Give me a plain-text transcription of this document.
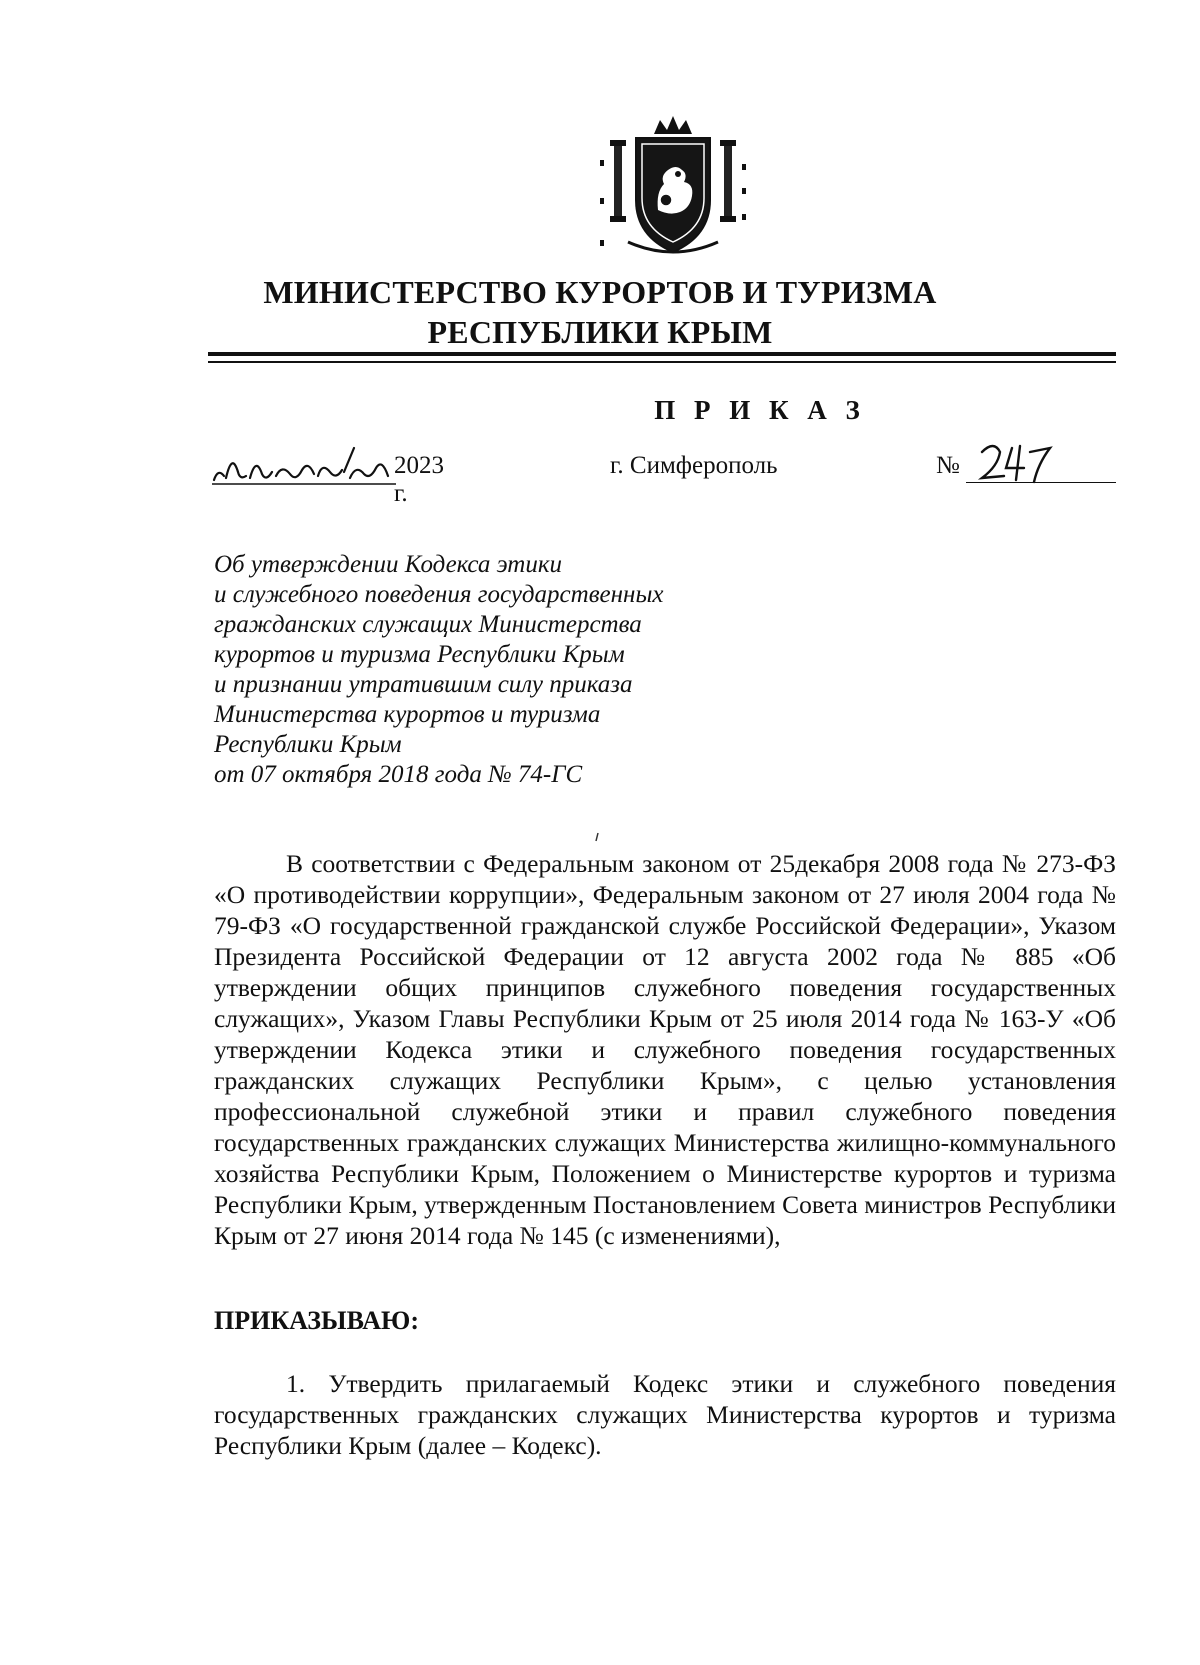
МИНИСТЕРСТВО КУРОРТОВ И ТУРИЗМА
РЕСПУБЛИКИ КРЫМ
П Р И К А З
2023 г.
г. Симферополь	№
Об утверждении Кодекса этики
и служебного поведения государственных
гражданских служащих Министерства
курортов и туризма Республики Крым
и признании утратившим силу приказа
Министерства курортов и туризма
Республики Крым
от 07 октября 2018 года № 74-ГС

В соответствии с Федеральным законом от 25декабря 2008 года № 273-ФЗ «О противодействии коррупции», Федеральным законом от 27 июля 2004 года № 79-ФЗ «О государственной гражданской службе Российской Федерации», Указом Президента Российской Федерации от 12 августа 2002 года № 885 «Об утверждении общих принципов служебного поведения государственных служащих», Указом Главы Республики Крым от 25 июля 2014 года № 163-У «Об утверждении Кодекса этики и служебного поведения государственных гражданских служащих Республики Крым», с целью установления профессиональной служебной этики и правил служебного поведения государственных гражданских служащих Министерства жилищно-коммунального хозяйства Республики Крым, Положением о Министерстве курортов и туризма Республики Крым, утвержденным Постановлением Совета министров Республики Крым от 27 июня 2014 года № 145 (с изменениями),

ПРИКАЗЫВАЮ:

1. Утвердить прилагаемый Кодекс этики и служебного поведения государственных гражданских служащих Министерства курортов и туризма Республики Крым (далее – Кодекс).
